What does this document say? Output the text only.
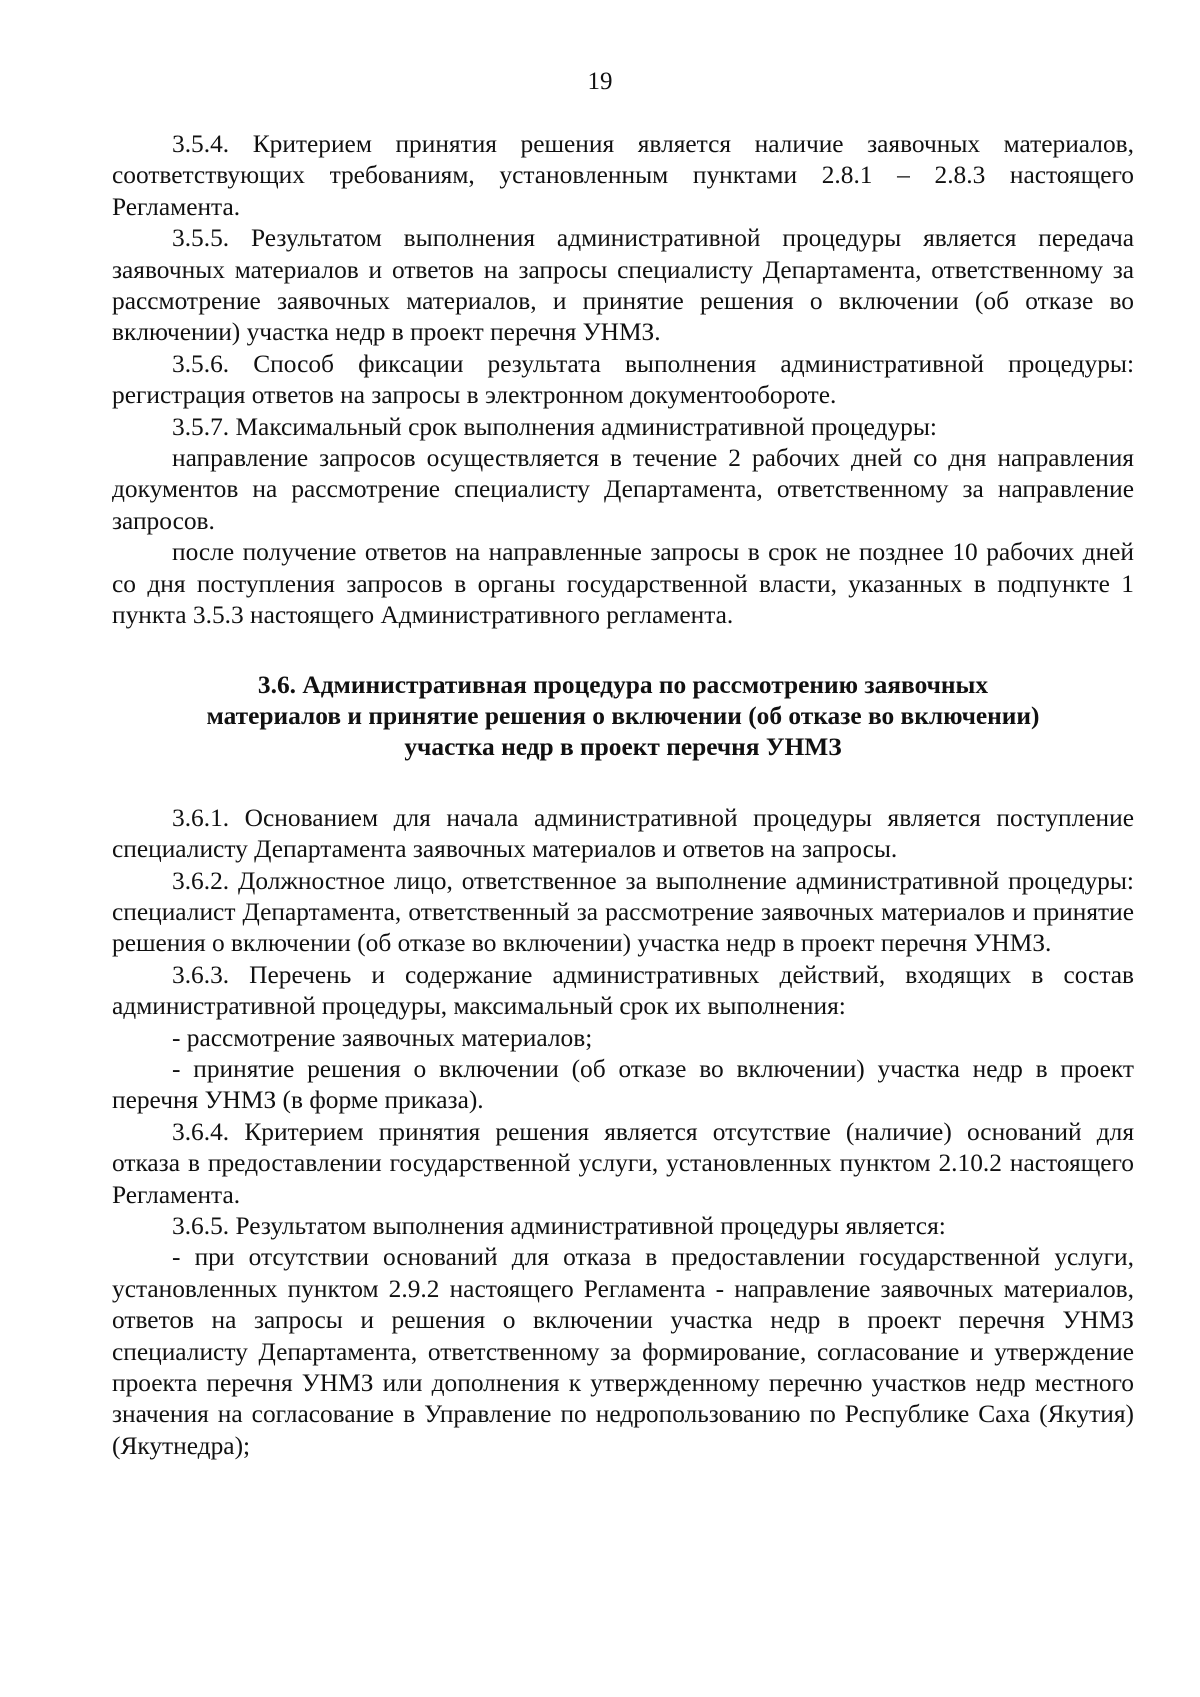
19

3.5.4. Критерием принятия решения является наличие заявочных материалов, соответствующих требованиям, установленным пунктами 2.8.1 – 2.8.3 настоящего Регламента.

3.5.5. Результатом выполнения административной процедуры является передача заявочных материалов и ответов на запросы специалисту Департамента, ответственному за рассмотрение заявочных материалов, и принятие решения о включении (об отказе во включении) участка недр в проект перечня УНМЗ.

3.5.6. Способ фиксации результата выполнения административной процедуры: регистрация ответов на запросы в электронном документообороте.

3.5.7. Максимальный срок выполнения административной процедуры:

направление запросов осуществляется в течение 2 рабочих дней со дня направления документов на рассмотрение специалисту Департамента, ответственному за направление запросов.

после получение ответов на направленные запросы в срок не позднее 10 рабочих дней со дня поступления запросов в органы государственной власти, указанных в подпункте 1 пункта 3.5.3 настоящего Административного регламента.

3.6. Административная процедура по рассмотрению заявочных
материалов и принятие решения о включении (об отказе во включении)
участка недр в проект перечня УНМЗ

3.6.1. Основанием для начала административной процедуры является поступление специалисту Департамента заявочных материалов и ответов на запросы.

3.6.2. Должностное лицо, ответственное за выполнение административной процедуры: специалист Департамента, ответственный за рассмотрение заявочных материалов и принятие решения о включении (об отказе во включении) участка недр в проект перечня УНМЗ.

3.6.3. Перечень и содержание административных действий, входящих в состав административной процедуры, максимальный срок их выполнения:

- рассмотрение заявочных материалов;

- принятие решения о включении (об отказе во включении) участка недр в проект перечня УНМЗ (в форме приказа).

3.6.4. Критерием принятия решения является отсутствие (наличие) оснований для отказа в предоставлении государственной услуги, установленных пунктом 2.10.2 настоящего Регламента.

3.6.5. Результатом выполнения административной процедуры является:

- при отсутствии оснований для отказа в предоставлении государственной услуги, установленных пунктом 2.9.2 настоящего Регламента - направление заявочных материалов, ответов на запросы и решения о включении участка недр в проект перечня УНМЗ специалисту Департамента, ответственному за формирование, согласование и утверждение проекта перечня УНМЗ или дополнения к утвержденному перечню участков недр местного значения на согласование в Управление по недропользованию по Республике Саха (Якутия) (Якутнедра);
